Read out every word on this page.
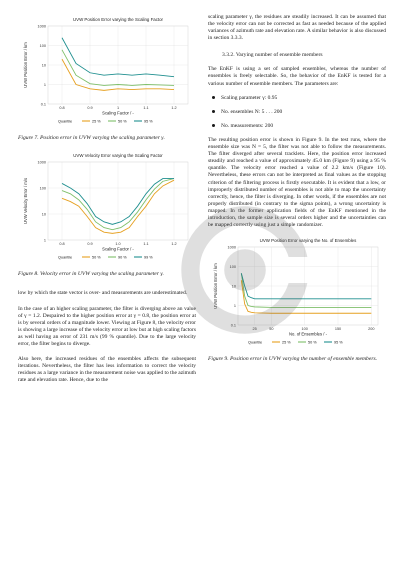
UVW Position Error varying the Scaling Factor
1000
100
10
1
0.1
0.8	0.9	1	1.1	1.2
Scaling Factor / -
UVW Position Error / km
Quantile	25 %	50 %	95 %
Figure 7. Position error in UVW varying the scaling parameter γ.
UVW Velocity Error varying the Scaling Factor
1000
100
10
1
0.8	0.9	1.0	1.1	1.2
Scaling Factor / -
UVW Velocity Error / m/s
Quantile	50 %	90 %	99 %
Figure 8. Velocity error in UVW varying the scaling parameter γ.

low by which the state vector is over- and measurements are underestimated.

In the case of an higher scaling parameter, the filter is diverging above an value of γ = 1.2. Despaired to the higher position error at γ = 0.8, the position error at is by several orders of a magnitude lower. Viewing at Figure 8, the velocity error is showing a large increase of the velocity error at low but at high scaling factors as well having an error of 231 m/s (99 % quantile). Due to the large velocity error, the filter begins to diverge.

Also here, the increased residues of the ensembles affects the subsequent iterations. Nevertheless, the filter has less information to correct the velocity residues as a large variance in the measurement noise was applied to the azimuth rate and elevation rate. Hence, due to the

scaling parameter γ, the residues are steadily increased. It can be assumed that the velocity error can not be corrected as fast as needed because of the applied variances of azimuth rate and elevation rate. A similar behavior is also discussed in section 3.3.3.

3.3.2. Varying number of ensemble members

The EnKF is using a set of sampled ensembles, whereas the number of ensembles is freely selectable. So, the behavior of the EnKF is tested for a various number of ensemble members. The parameters are:

Scaling parameter γ: 0.95
No. ensembles N: 5 . . . 200
No. measurements: 200

The resulting position error is shown in Figure 9. In the test runs, where the ensemble size was N = 5, the filter was not able to follow the measurements. The filter diverged after several tracklets. Here, the position error increased steadily and reached a value of approximately 45.0 km (Figure 9) using a 95 % quantile. The velocity error reached a value of 2.2 km/s (Figure 10). Nevertheless, these errors can not be interpreted as final values as the stopping criterion of the filtering process is firstly executable. It is evident that a low, or improperly distributed number of ensembles is not able to map the uncertainty correctly, hence, the filter is diverging. In other words, if the ensembles are not properly distributed (in contrary to the sigma points), a wrong uncertainty is mapped. In the former application fields of the EnKF mentioned in the introduction, the sample size is several orders higher and the uncertainties can be mapped correctly using just a simple randomizer.

UVW Position Error varying the No. of Ensembles
1000
100
10
1
0.1
25	50	100	150	200
No. of Ensembles / -
UVW Position Error / km
Quantile	25 %	50 %	95 %
Figure 9. Position error in UVW varying the number of ensemble members.
